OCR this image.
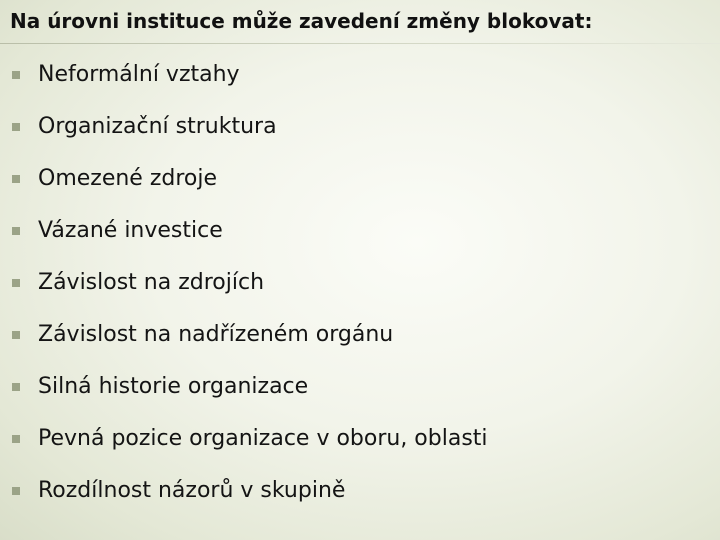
Na úrovni instituce může zavedení změny blokovat:
Neformální vztahy
Organizační struktura
Omezené zdroje
Vázané investice
Závislost na zdrojích
Závislost na nadřízeném orgánu
Silná historie organizace
Pevná pozice organizace v oboru, oblasti
Rozdílnost názorů v skupině
